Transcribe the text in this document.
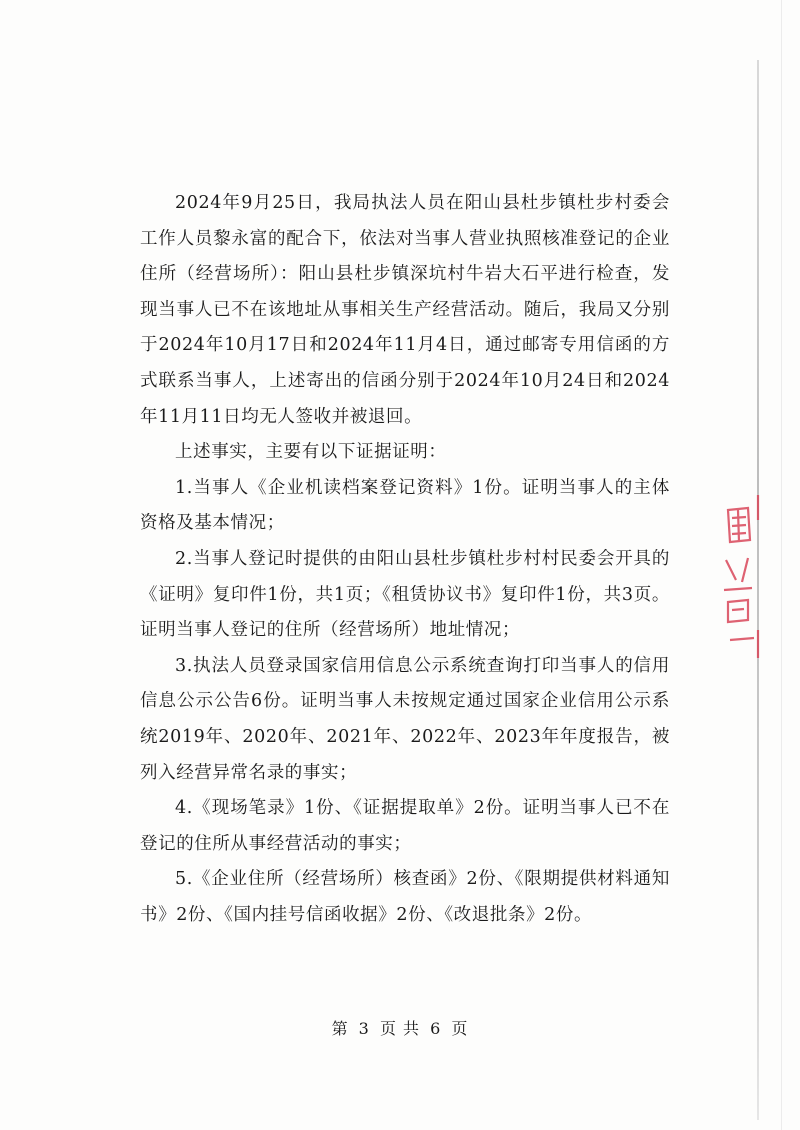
2024年9月25日，我局执法人员在阳山县杜步镇杜步村委会工作人员黎永富的配合下，依法对当事人营业执照核准登记的企业住所（经营场所）：阳山县杜步镇深坑村牛岩大石平进行检查，发现当事人已不在该地址从事相关生产经营活动。随后，我局又分别于2024年10月17日和2024年11月4日，通过邮寄专用信函的方式联系当事人，上述寄出的信函分别于2024年10月24日和2024年11月11日均无人签收并被退回。

上述事实，主要有以下证据证明：

1.当事人《企业机读档案登记资料》1份。证明当事人的主体资格及基本情况；

2.当事人登记时提供的由阳山县杜步镇杜步村村民委会开具的《证明》复印件1份，共1页；《租赁协议书》复印件1份，共3页。证明当事人登记的住所（经营场所）地址情况；

3.执法人员登录国家信用信息公示系统查询打印当事人的信用信息公示公告6份。证明当事人未按规定通过国家企业信用公示系统2019年、2020年、2021年、2022年、2023年年度报告，被列入经营异常名录的事实；

4.《现场笔录》1份、《证据提取单》2份。证明当事人已不在登记的住所从事经营活动的事实；

5.《企业住所（经营场所）核查函》2份、《限期提供材料通知书》2份、《国内挂号信函收据》2份、《改退批条》2份。

第 3 页 共 6 页
